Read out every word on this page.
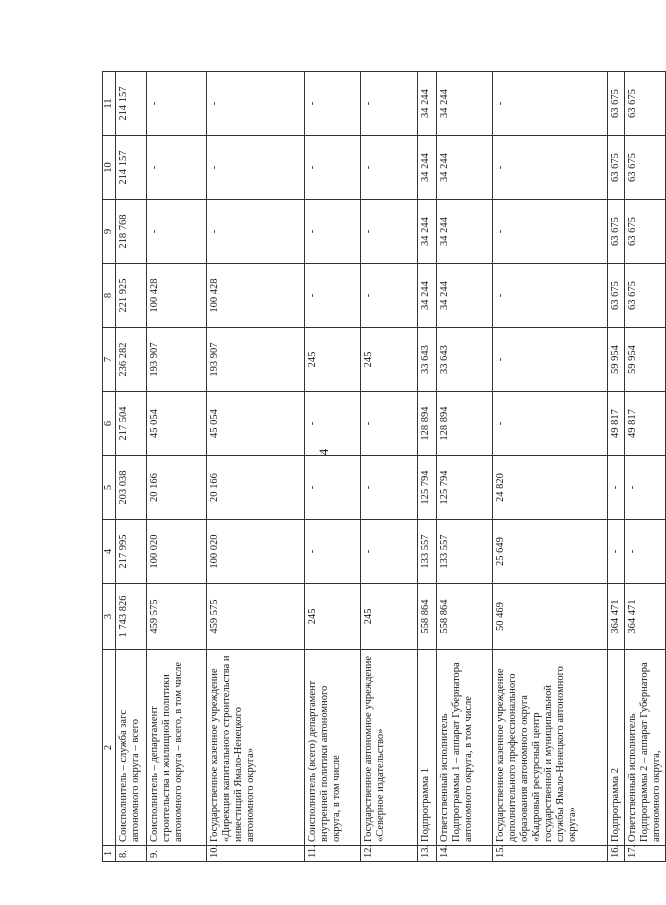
4
1	2	3	4	5	6	7	8	9	10	11
8.	Соисполнитель – служба загс автономного округа – всего	1 743 826	217 995	203 038	217 504	236 282	221 925	218 768	214 157	214 157

9.	Соисполнитель – департамент строительства и жилищной политики автономного округа – всего, в том числе	459 575	100 020	20 166	45 054	193 907	100 428	-	-	-

10.	Государственное казенное учреждение «Дирекция капитального строительства и инвестиций Ямало-Ненецкого автономного округа»	459 575	100 020	20 166	45 054	193 907	100 428	-	-	-

11.	Соисполнитель (всего) департамент внутренней политики автономного округа, в том числе	245	-	-	-	245	-	-	-	-

12.	Государственное автономное учреждение «Северное издательство»	245	-	-	-	245	-	-	-	-

13.	Подпрограмма 1	558 864	133 557	125 794	128 894	33 643	34 244	34 244	34 244	34 244

14.	Ответственный исполнитель Подпрограммы 1 – аппарат Губернатора автономного округа, в том числе	558 864	133 557	125 794	128 894	33 643	34 244	34 244	34 244	34 244

15.	Государственное казенное учреждение дополнительного профессионального образования автономного округа «Кадровый ресурсный центр государственной и муниципальной службы Ямало-Ненецкого автономного округа»	50 469	25 649	24 820	-	-	-	-	-	-

16.	Подпрограмма 2	364 471	-	-	49 817	59 954	63 675	63 675	63 675	63 675

17.	Ответственный исполнитель Подпрограммы 2 – аппарат Губернатора автономного округа,	364 471	-	-	49 817	59 954	63 675	63 675	63 675	63 675
